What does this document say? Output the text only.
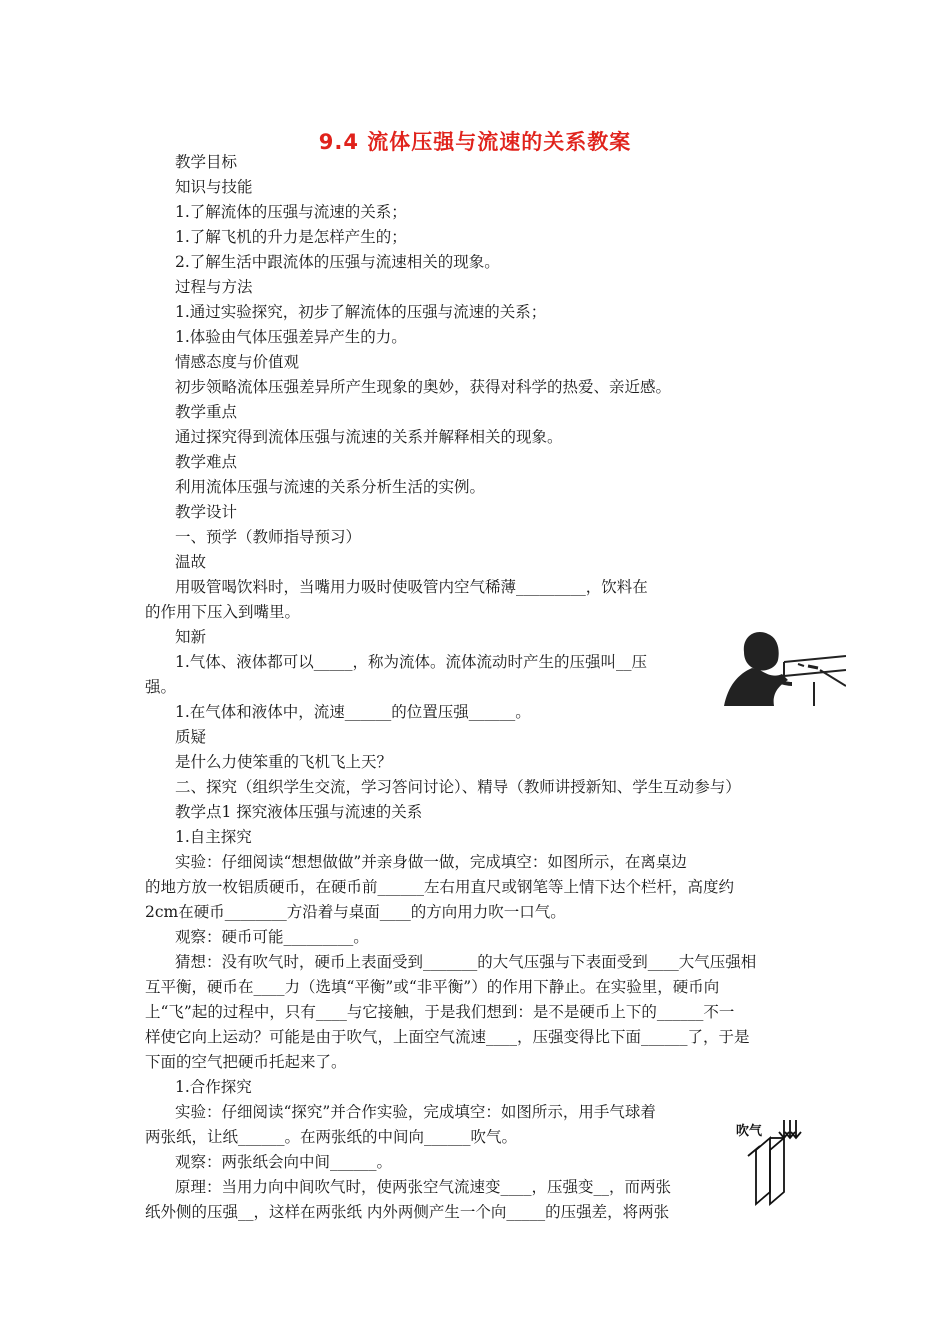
9.4 流体压强与流速的关系教案
教学目标
知识与技能
1.了解流体的压强与流速的关系；
1.了解飞机的升力是怎样产生的；
2.了解生活中跟流体的压强与流速相关的现象。
过程与方法
1.通过实验探究，初步了解流体的压强与流速的关系；
1.体验由气体压强差异产生的力。
情感态度与价值观
初步领略流体压强差异所产生现象的奥妙，获得对科学的热爱、亲近感。
教学重点
通过探究得到流体压强与流速的关系并解释相关的现象。
教学难点
利用流体压强与流速的关系分析生活的实例。
教学设计
一、预学（教师指导预习）
温故
用吸管喝饮料时，当嘴用力吸时使吸管内空气稀薄_________，饮料在
的作用下压入到嘴里。
知新
1.气体、液体都可以_____，称为流体。流体流动时产生的压强叫__压
强。
1.在气体和液体中，流速______的位置压强______。
质疑
是什么力使笨重的飞机飞上天？
二、探究（组织学生交流，学习答问讨论）、精导（教师讲授新知、学生互动参与）
教学点1 探究液体压强与流速的关系
1.自主探究
实验：仔细阅读“想想做做”并亲身做一做，完成填空：如图所示，在离桌边
的地方放一枚铝质硬币，在硬币前______左右用直尺或钢笔等上情下达个栏杆，高度约
2cm在硬币________方沿着与桌面____的方向用力吹一口气。
观察：硬币可能_________。
猜想：没有吹气时，硬币上表面受到_______的大气压强与下表面受到____大气压强相
互平衡，硬币在____力（选填“平衡”或“非平衡”）的作用下静止。在实验里，硬币向
上“飞”起的过程中，只有____与它接触，于是我们想到：是不是硬币上下的______不一
样使它向上运动？可能是由于吹气，上面空气流速____，压强变得比下面______了，于是
下面的空气把硬币托起来了。
1.合作探究
实验：仔细阅读“探究”并合作实验，完成填空：如图所示，用手气球着
两张纸，让纸______。在两张纸的中间向______吹气。
观察：两张纸会向中间______。
原理：当用力向中间吹气时，使两张空气流速变____，压强变__，而两张
纸外侧的压强__，这样在两张纸 内外两侧产生一个向_____的压强差，将两张
吹气
